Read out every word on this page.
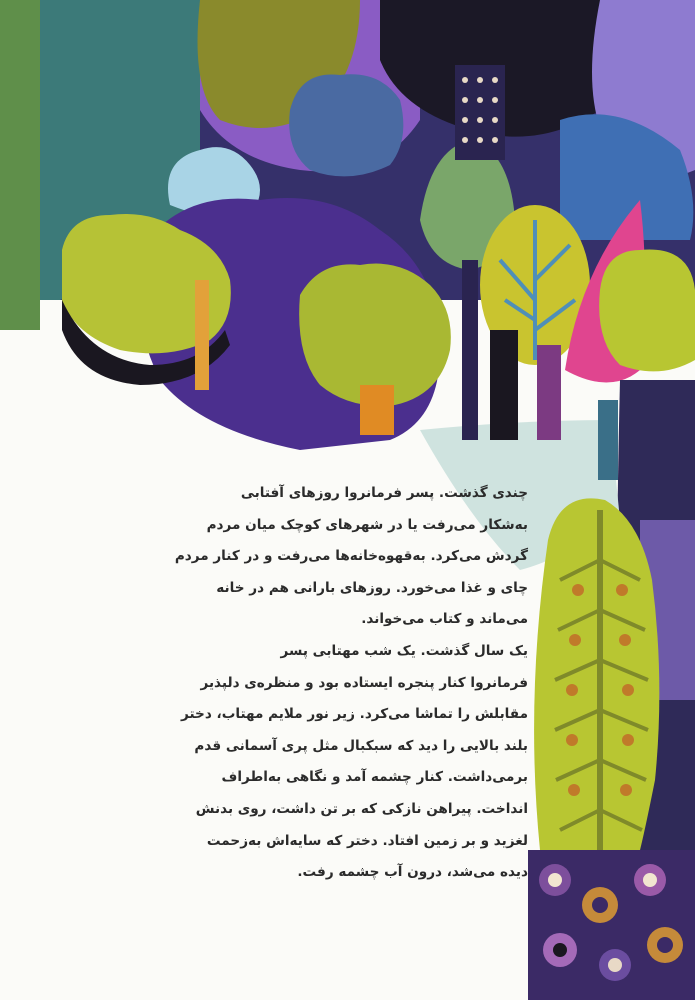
چندی گذشت. پسر فرمانروا روزهای آفتابی
به‌شکار می‌رفت یا در شهرهای کوچک میان مردم
گردش می‌کرد. به‌قهوه‌خانه‌ها می‌رفت و در کنار مردم
چای و غذا می‌خورد. روزهای بارانی هم در خانه
می‌ماند و کتاب می‌خواند.
یک سال گذشت. یک شب مهتابی پسر
فرمانروا کنار پنجره ایستاده بود و منظره‌ی دلپذیر
مقابلش را تماشا می‌کرد. زیر نور ملایم مهتاب، دختر
بلند بالایی را دید که سبکبال مثل پری آسمانی قدم
برمی‌داشت. کنار چشمه آمد و نگاهی به‌اطراف
انداخت. پیراهن نازکی که بر تن داشت، روی بدنش
لغزید و بر زمین افتاد. دختر که سایه‌اش به‌زحمت
دیده می‌شد، درون آب چشمه رفت.
